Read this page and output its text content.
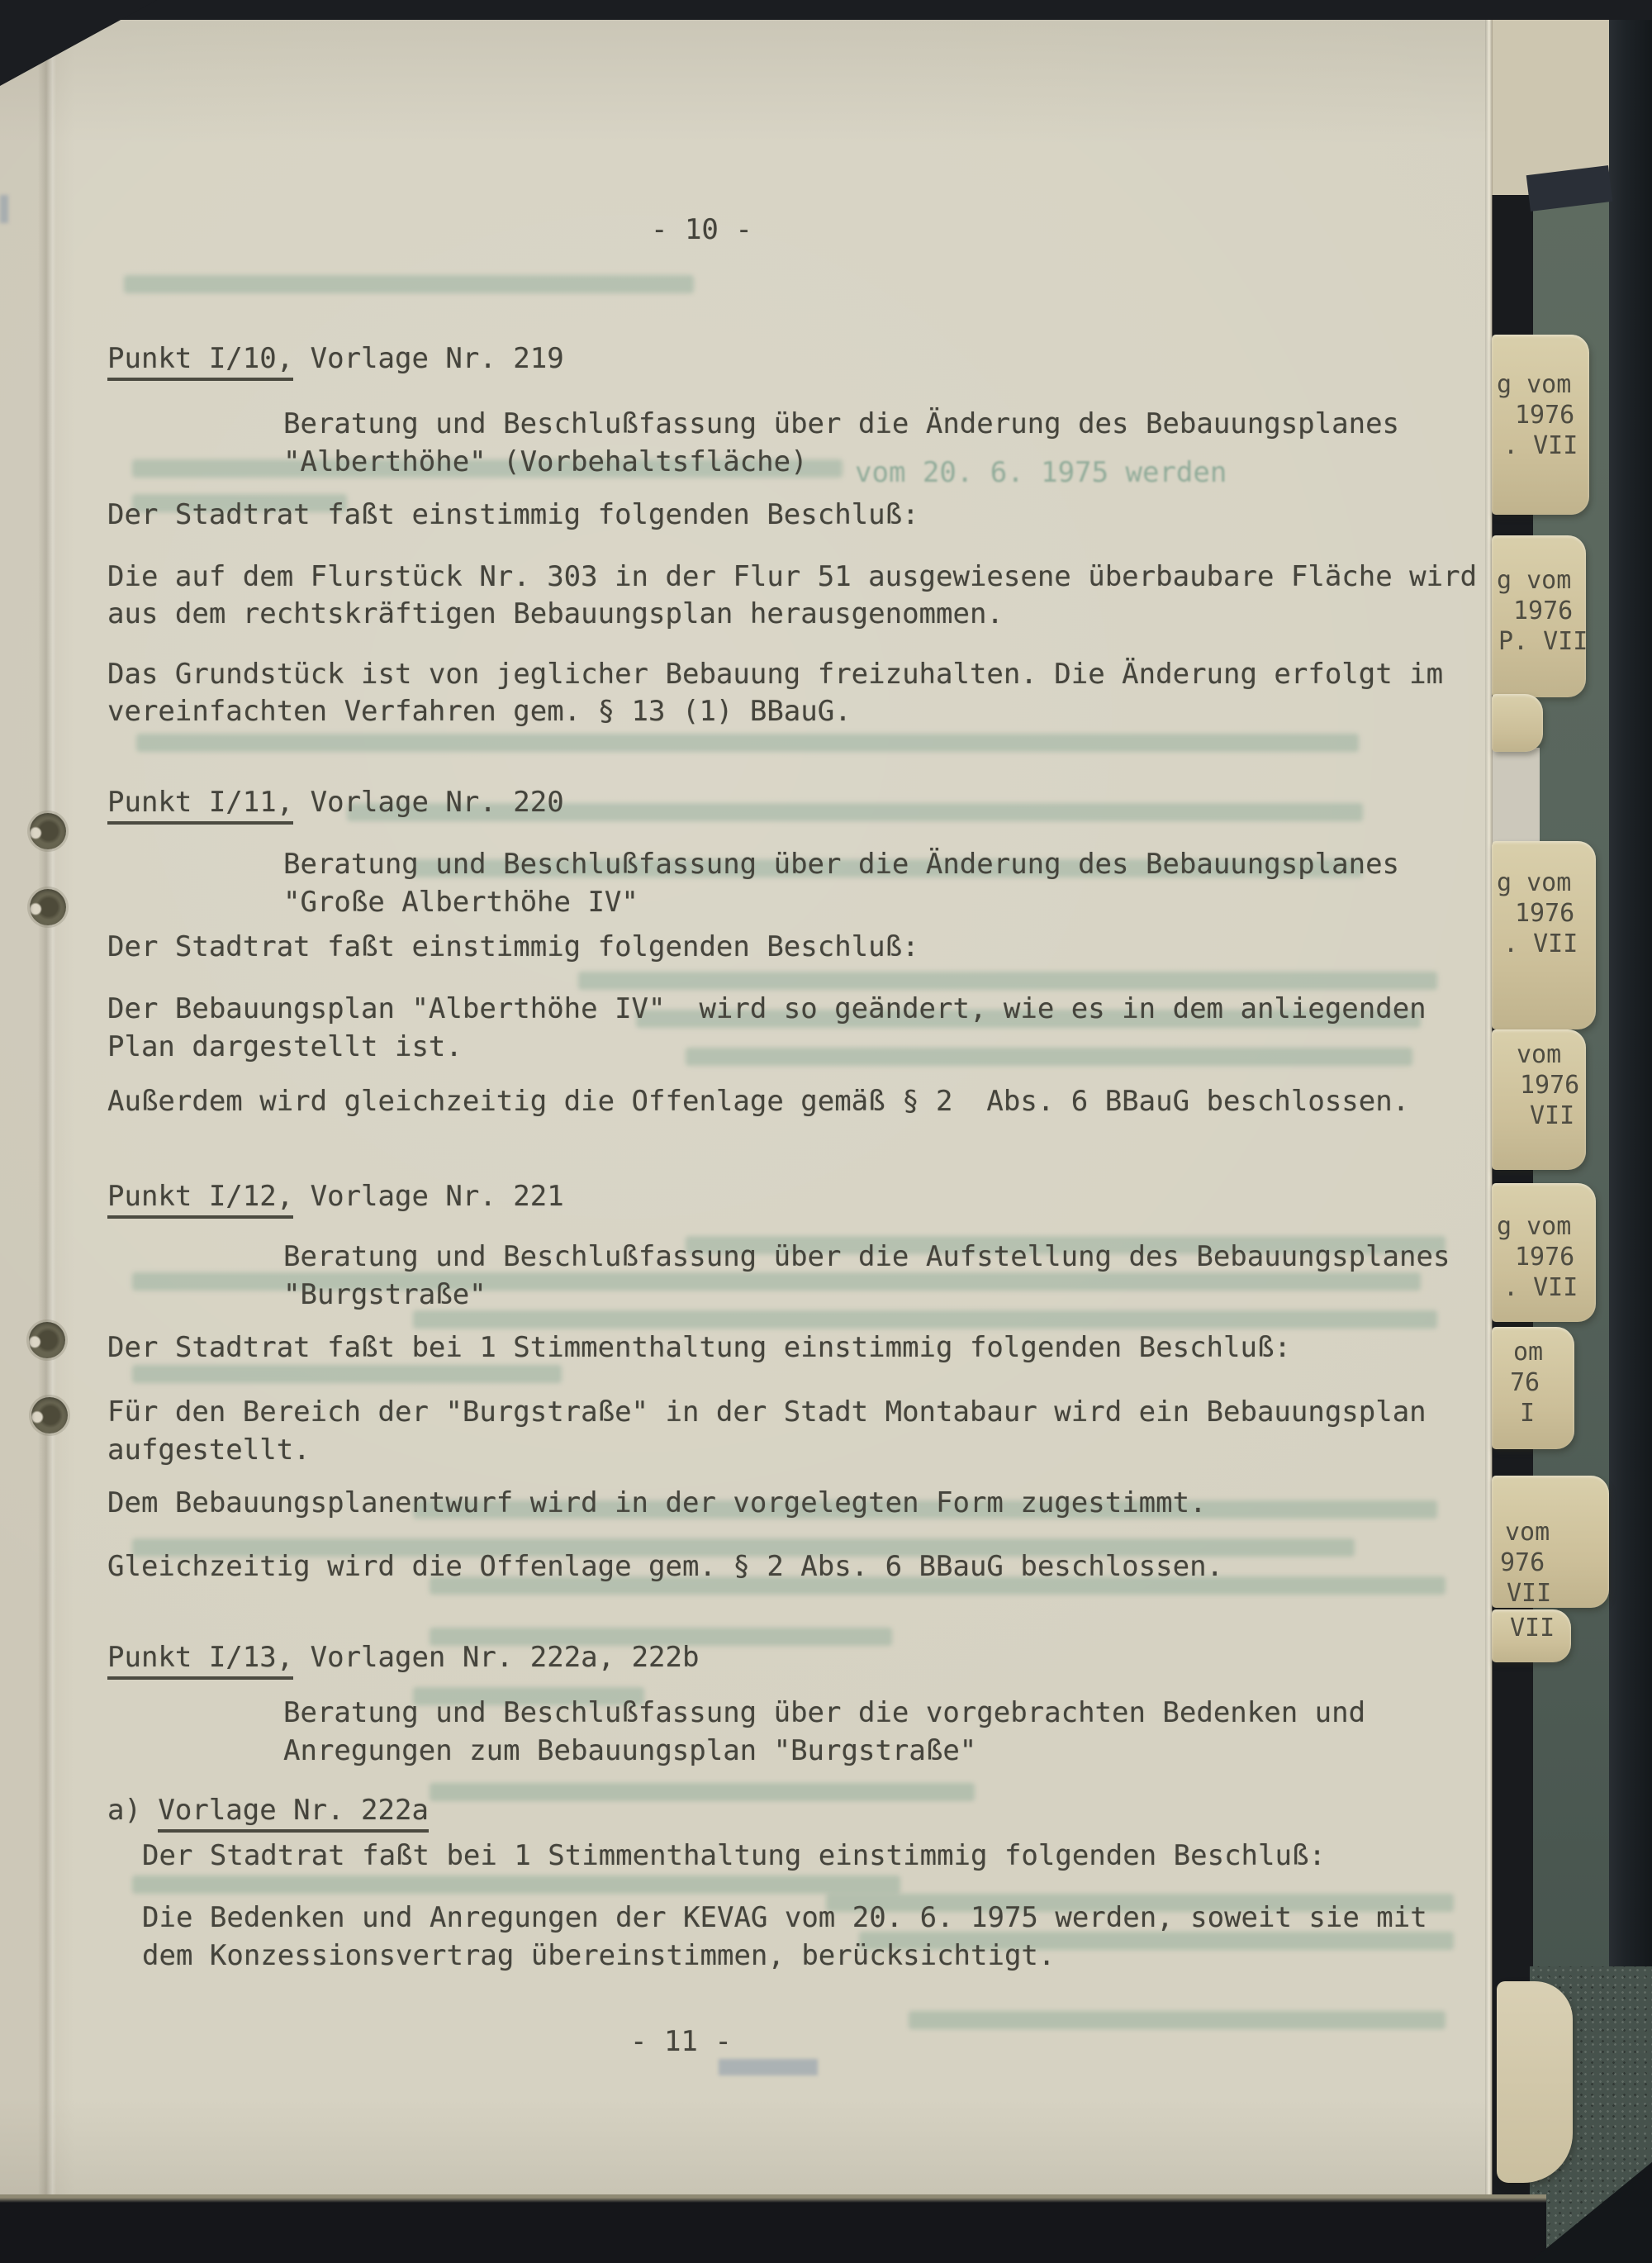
vom 20. 6. 1975 werden
- 10 -
- 11 -
Punkt I/10, Vorlage Nr. 219
Beratung und Beschlußfassung über die Änderung des Bebauungsplanes
"Alberthöhe" (Vorbehaltsfläche)
Der Stadtrat faßt einstimmig folgenden Beschluß:
Die auf dem Flurstück Nr. 303 in der Flur 51 ausgewiesene überbaubare Fläche wird
aus dem rechtskräftigen Bebauungsplan herausgenommen.
Das Grundstück ist von jeglicher Bebauung freizuhalten. Die Änderung erfolgt im
vereinfachten Verfahren gem. § 13 (1) BBauG.
Punkt I/11, Vorlage Nr. 220
Beratung und Beschlußfassung über die Änderung des Bebauungsplanes
"Große Alberthöhe IV"
Der Stadtrat faßt einstimmig folgenden Beschluß:
Der Bebauungsplan "Alberthöhe IV"  wird so geändert, wie es in dem anliegenden
Plan dargestellt ist.
Außerdem wird gleichzeitig die Offenlage gemäß § 2  Abs. 6 BBauG beschlossen.
Punkt I/12, Vorlage Nr. 221
Beratung und Beschlußfassung über die Aufstellung des Bebauungsplanes
"Burgstraße"
Der Stadtrat faßt bei 1 Stimmenthaltung einstimmig folgenden Beschluß:
Für den Bereich der "Burgstraße" in der Stadt Montabaur wird ein Bebauungsplan
aufgestellt.
Dem Bebauungsplanentwurf wird in der vorgelegten Form zugestimmt.
Gleichzeitig wird die Offenlage gem. § 2 Abs. 6 BBauG beschlossen.
Punkt I/13, Vorlagen Nr. 222a, 222b
Beratung und Beschlußfassung über die vorgebrachten Bedenken und
Anregungen zum Bebauungsplan "Burgstraße"
a) Vorlage Nr. 222a
Der Stadtrat faßt bei 1 Stimmenthaltung einstimmig folgenden Beschluß:
Die Bedenken und Anregungen der KEVAG vom 20. 6. 1975 werden, soweit sie mit
dem Konzessionsvertrag übereinstimmen, berücksichtigt.
g vom
1976
. VII
g vom
1976
P. VII
g vom
1976
. VII
vom
1976
VII
g vom
1976
. VII
om
76
I
vom
976
VII
VII
